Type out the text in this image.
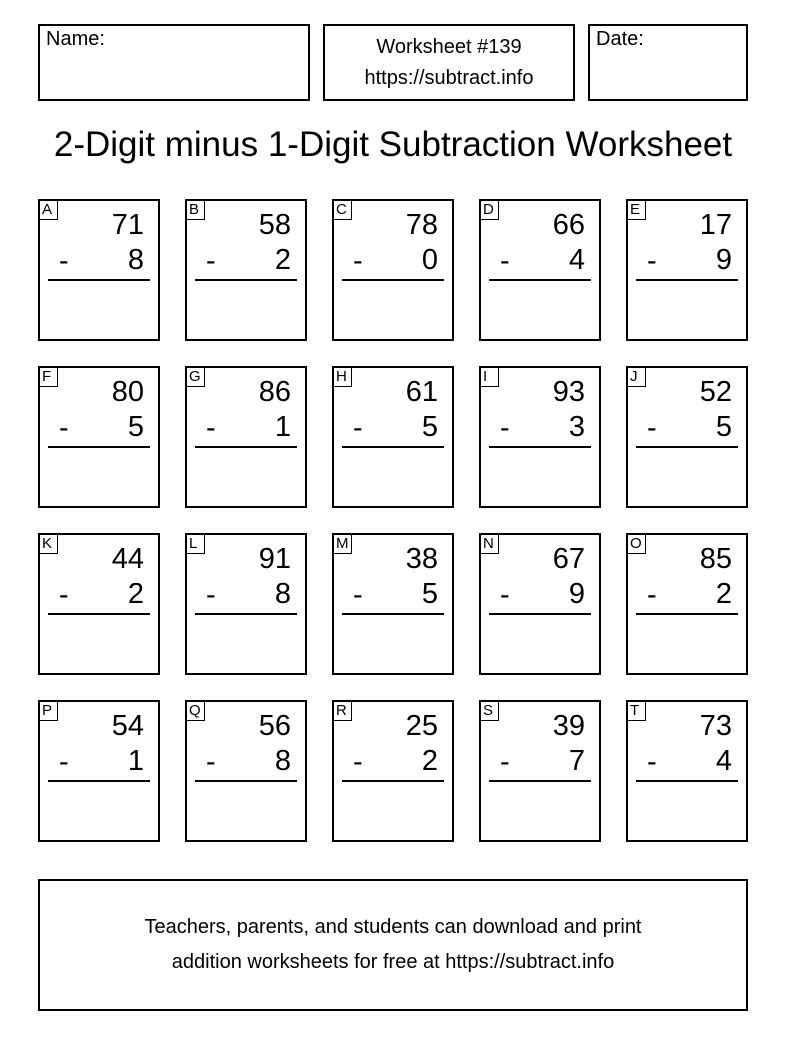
Name:	Worksheet #139
https://subtract.info
Date:
2-Digit minus 1-Digit Subtraction Worksheet
A 71
- 8
B 58
- 2
C 78
- 0
D 66
- 4
E 17
- 9
F 80
- 5
G 86
- 1
H 61
- 5
I	93
- 3
J 52
- 5
K 44
- 2
L 91
- 8
M 38
- 5
N 67
- 9
O 85
- 2
P 54
- 1
Q 56
- 8
R 25
- 2
S 39
- 7
T 73
- 4
Teachers, parents, and students can download and print
addition worksheets for free at https://subtract.info
